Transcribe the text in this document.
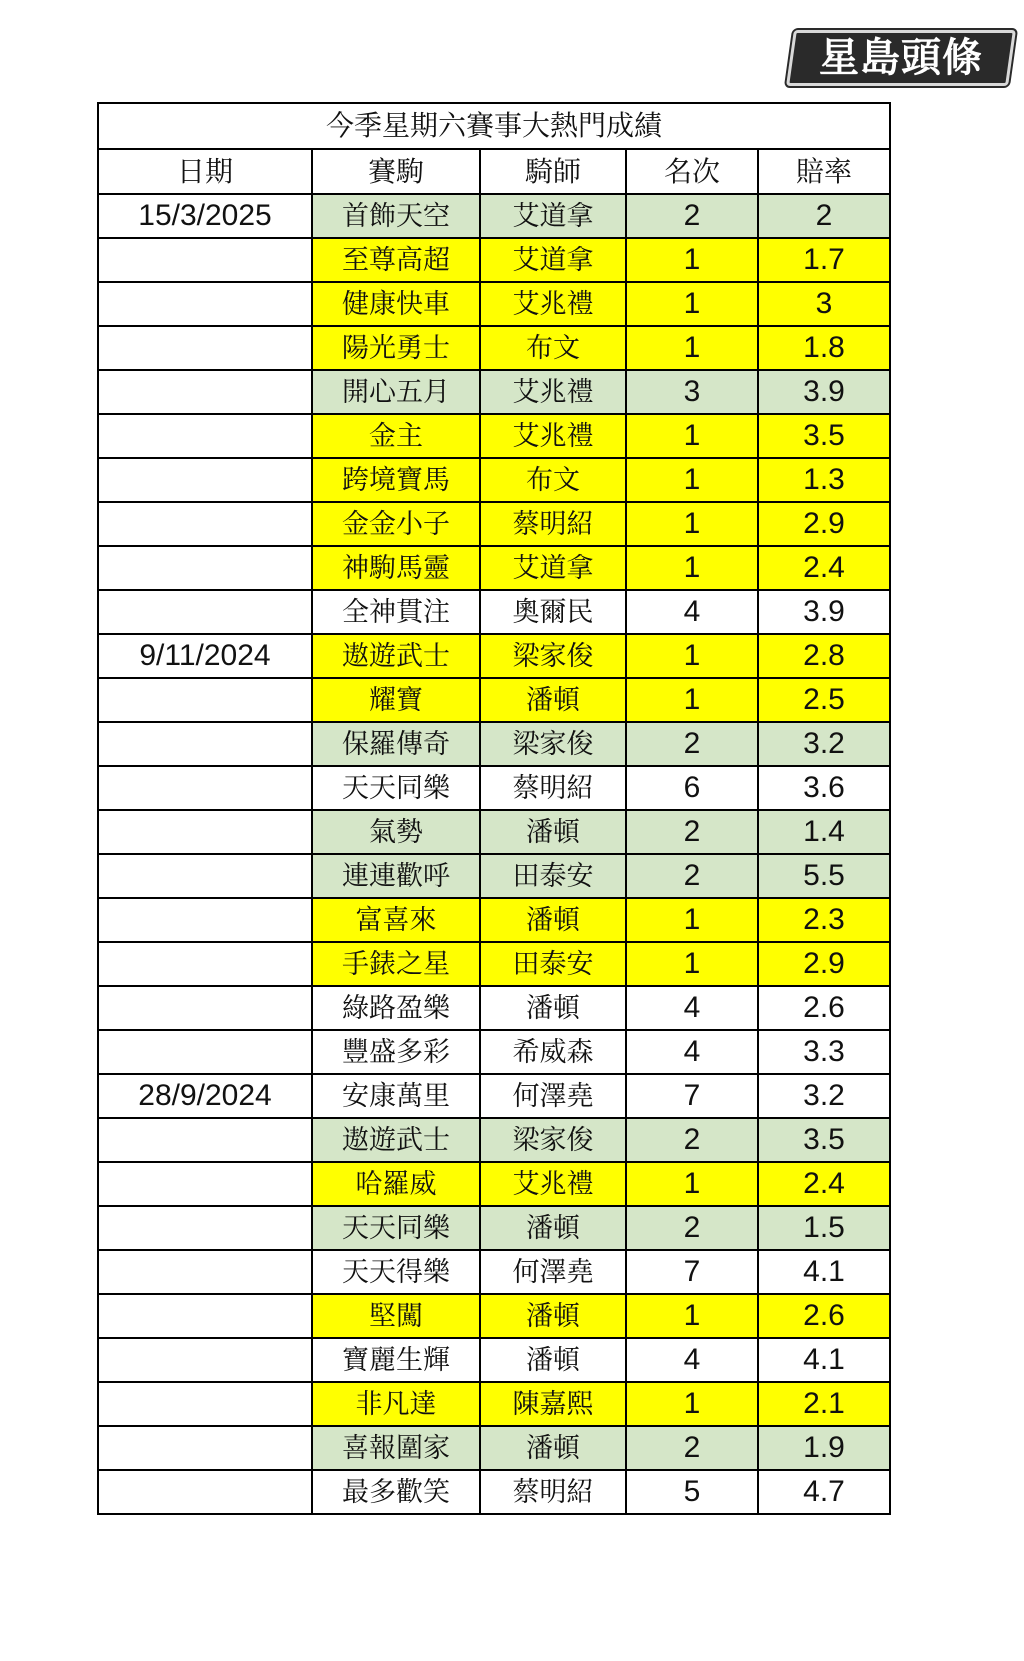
星島頭條
今季星期六賽事大熱門成績				
日期	賽駒	騎師	名次	賠率
15/3/2025	首飾天空	艾道拿	2	2
	至尊高超	艾道拿	1	1.7
	健康快車	艾兆禮	1	3
	陽光勇士	布文	1	1.8
	開心五月	艾兆禮	3	3.9
	金主	艾兆禮	1	3.5
	跨境寶馬	布文	1	1.3
	金金小子	蔡明紹	1	2.9
	神駒馬靈	艾道拿	1	2.4
	全神貫注	奧爾民	4	3.9
9/11/2024	遨遊武士	梁家俊	1	2.8
	耀寶	潘頓	1	2.5
	保羅傳奇	梁家俊	2	3.2
	天天同樂	蔡明紹	6	3.6
	氣勢	潘頓	2	1.4
	連連歡呼	田泰安	2	5.5
	富喜來	潘頓	1	2.3
	手錶之星	田泰安	1	2.9
	綠路盈樂	潘頓	4	2.6
	豐盛多彩	希威森	4	3.3
28/9/2024	安康萬里	何澤堯	7	3.2
	遨遊武士	梁家俊	2	3.5
	哈羅威	艾兆禮	1	2.4
	天天同樂	潘頓	2	1.5
	天天得樂	何澤堯	7	4.1
	堅闖	潘頓	1	2.6
	寶麗生輝	潘頓	4	4.1
	非凡達	陳嘉熙	1	2.1
	喜報圍家	潘頓	2	1.9
	最多歡笑	蔡明紹	5	4.7
